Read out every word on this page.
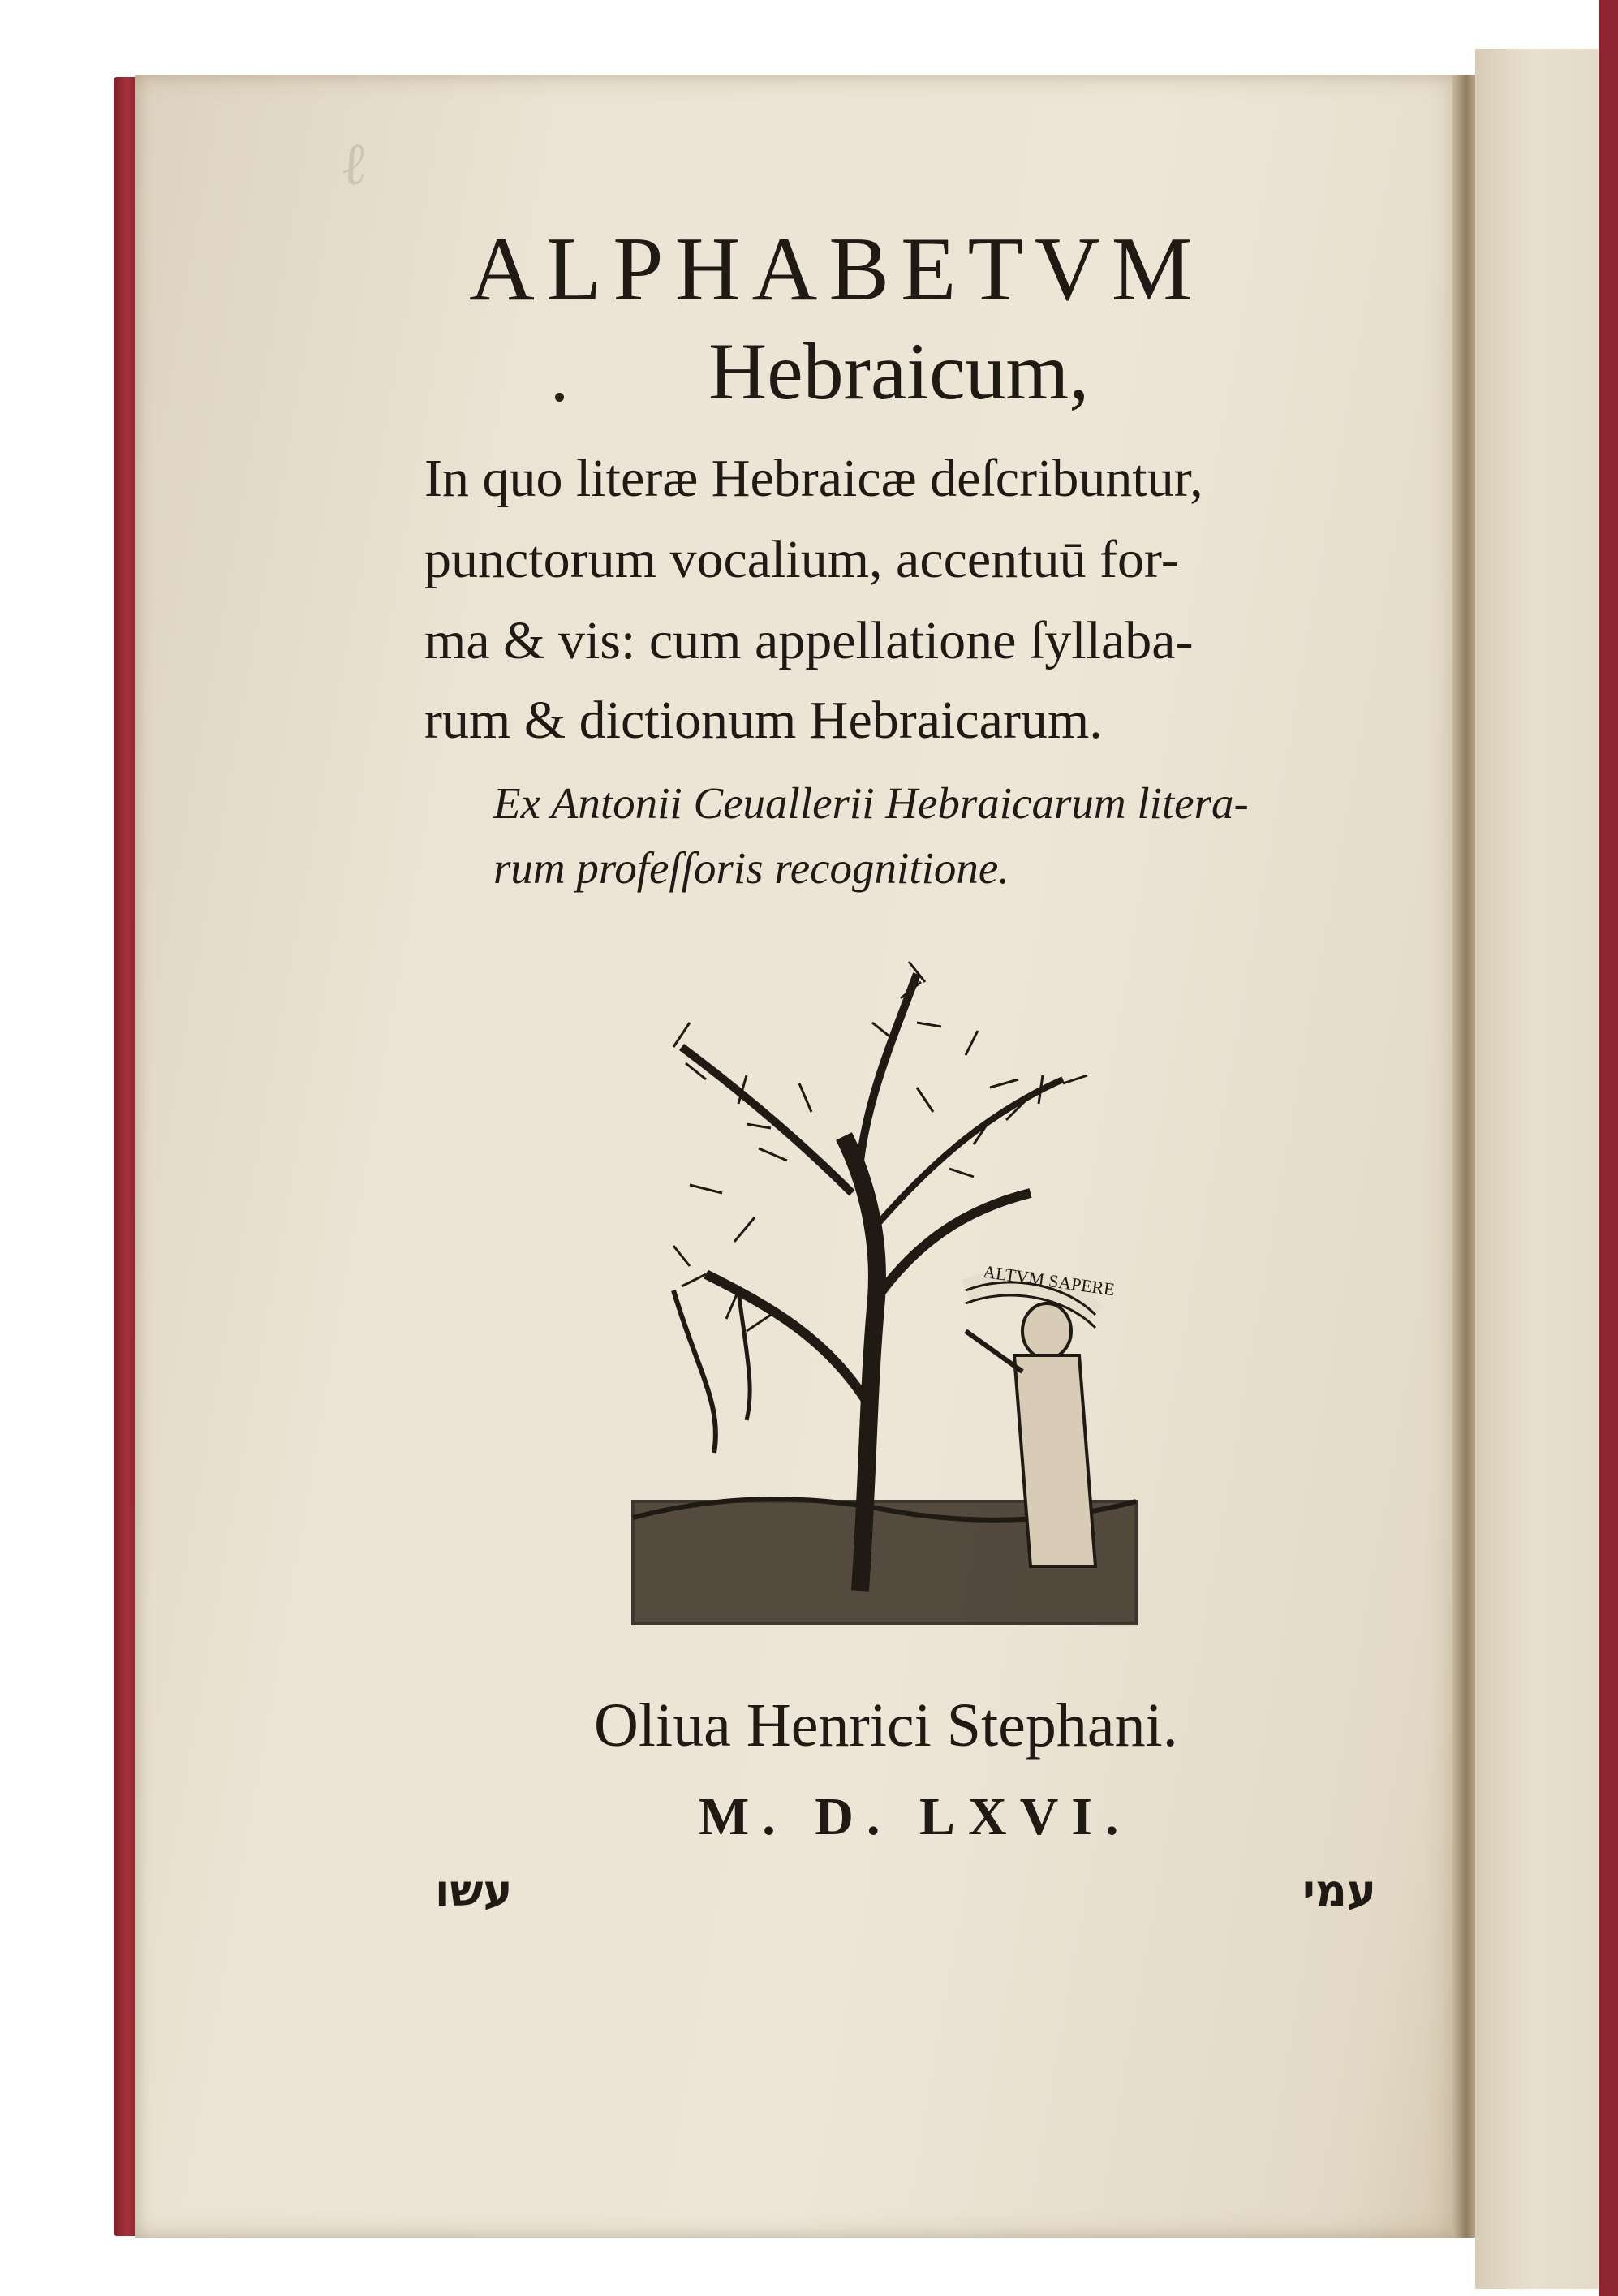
ℓ
ALPHABETVM
Hebraicum,
In quo literæ Hebraicæ deſcribuntur,
punctorum vocalium, accentuū for-
ma & vis: cum appellatione ſyllaba-
rum & dictionum Hebraicarum.
Ex Antonii Ceuallerii Hebraicarum litera-
rum profeſſoris recognitione.
ALTVM SAPERE
Oliua Henrici Stephani.
M. D. LXVI.
עשו	עמי
